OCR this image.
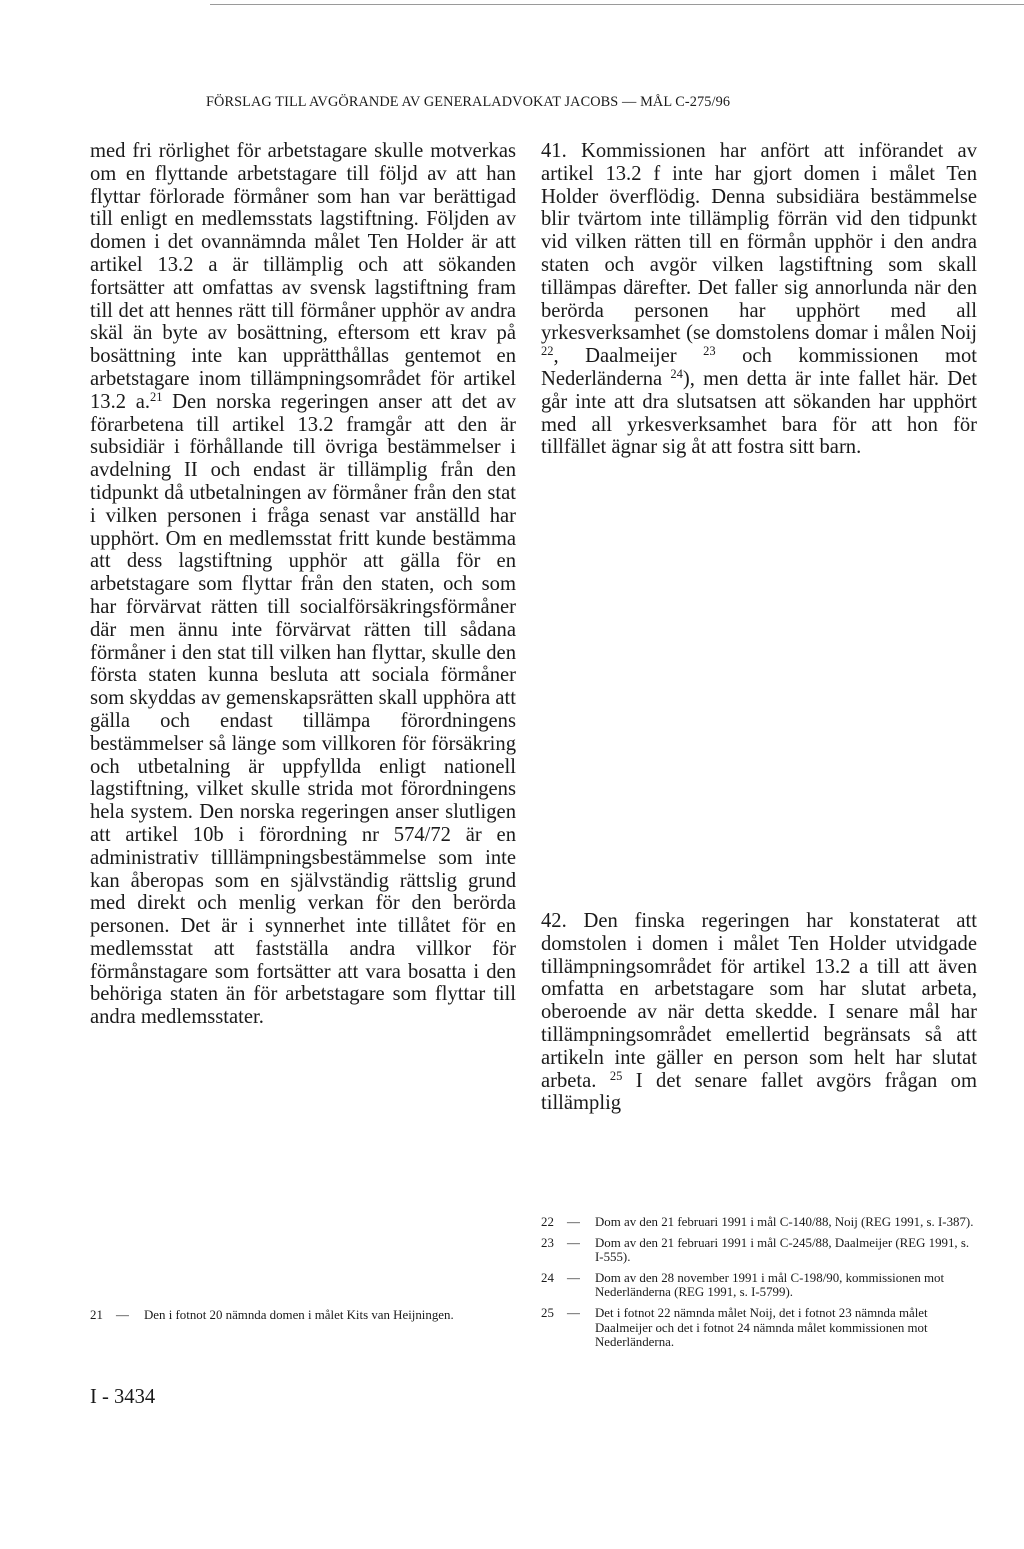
FÖRSLAG TILL AVGÖRANDE AV GENERALADVOKAT JACOBS — MÅL C-275/96

med fri rörlighet för arbetstagare skulle motverkas om en flyttande arbetstagare till följd av att han flyttar förlorade förmåner som han var berättigad till enligt en medlemsstats lagstiftning. Följden av domen i det ovannämnda målet Ten Holder är att artikel 13.2 a är tillämplig och att sökanden fortsätter att omfattas av svensk lagstiftning fram till det att hennes rätt till förmåner upphör av andra skäl än byte av bosättning, eftersom ett krav på bosättning inte kan upprätthållas gentemot en arbetstagare inom tillämpningsområdet för artikel 13.2 a.$^{21}$ Den norska regeringen anser att det av förarbetena till artikel 13.2 framgår att den är subsidiär i förhållande till övriga bestämmelser i avdelning II och endast är tillämplig från den tidpunkt då utbetalningen av förmåner från den stat i vilken personen i fråga senast var anställd har upphört. Om en medlemsstat fritt kunde bestämma att dess lagstiftning upphör att gälla för en arbetstagare som flyttar från den staten, och som har förvärvat rätten till socialförsäkringsförmåner där men ännu inte förvärvat rätten till sådana förmåner i den stat till vilken han flyttar, skulle den första staten kunna besluta att sociala förmåner som skyddas av gemenskapsrätten skall upphöra att gälla och endast tillämpa förordningens bestämmelser så länge som villkoren för försäkring och utbetalning är uppfyllda enligt nationell lagstiftning, vilket skulle strida mot förordningens hela system. Den norska regeringen anser slutligen att artikel 10b i förordning nr 574/72 är en administrativ tilllämpningsbestämmelse som inte kan åberopas som en självständig rättslig grund med direkt och menlig verkan för den berörda personen. Det är i synnerhet inte tillåtet för en medlemsstat att fastställa andra villkor för förmånstagare som fortsätter att vara bosatta i den behöriga staten än för arbetstagare som flyttar till andra medlemsstater.

41. Kommissionen har anfört att införandet av artikel 13.2 f inte har gjort domen i målet Ten Holder överflödig. Denna subsidiära bestämmelse blir tvärtom inte tillämplig förrän vid den tidpunkt vid vilken rätten till en förmån upphör i den andra staten och avgör vilken lagstiftning som skall tillämpas därefter. Det faller sig annorlunda när den berörda personen har upphört med all yrkesverksamhet (se domstolens domar i målen Noij $^{22}$, Daalmeijer $^{23}$ och kommissionen mot Nederländerna $^{24}$), men detta är inte fallet här. Det går inte att dra slutsatsen att sökanden har upphört med all yrkesverksamhet bara för att hon för tillfället ägnar sig åt att fostra sitt barn.

42. Den finska regeringen har konstaterat att domstolen i domen i målet Ten Holder utvidgade tillämpningsområdet för artikel 13.2 a till att även omfatta en arbetstagare som har slutat arbeta, oberoende av när detta skedde. I senare mål har tillämpningsområdet emellertid begränsats så att artikeln inte gäller en person som helt har slutat arbeta. $^{25}$ I det senare fallet avgörs frågan om tillämplig

22	—	Dom av den 21 februari 1991 i mål C-140/88, Noij (REG 1991, s. I-387).
23	—	Dom av den 21 februari 1991 i mål C-245/88, Daalmeijer (REG 1991, s. I-555).
24	—	Dom av den 28 november 1991 i mål C-198/90, kommissionen mot Nederländerna (REG 1991, s. I-5799).
25	—	Det i fotnot 22 nämnda målet Noij, det i fotnot 23 nämnda målet Daalmeijer och det i fotnot 24 nämnda målet kommissionen mot Nederländerna.
21	—	Den i fotnot 20 nämnda domen i målet Kits van Heijningen.
I - 3434
